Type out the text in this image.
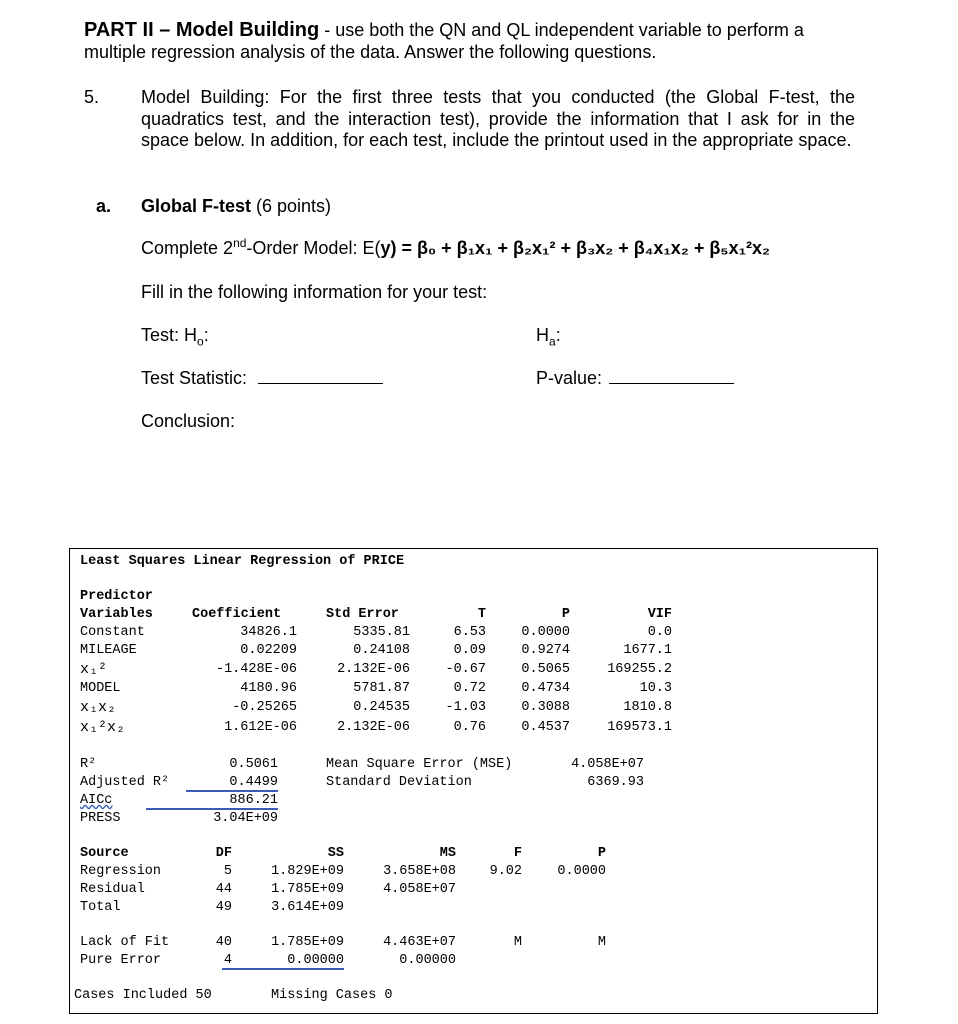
PART II – Model Building - use both the QN and QL independent variable to perform a
multiple regression analysis of the data. Answer the following questions.
5. Model Building: For the first three tests that you conducted (the Global F-test, the quadratics test, and the interaction test), provide the information that I ask for in the space below. In addition, for each test, include the printout used in the appropriate space.
a. Global F-test (6 points)
Complete 2nd-Order Model: E(y) = β₀ + β₁x₁ + β₂x₁² + β₃x₂ + β₄x₁x₂ + β₅x₁²x₂
Fill in the following information for your test:
Test: $H_o$:	$H_a$:
Test Statistic:	P-value:
Conclusion:
Least Squares Linear Regression of PRICE
Predictor
Variables	Coefficient	Std Error	T	P	VIF
Constant	34826.1	5335.81	6.53	0.0000	0.0
MILEAGE	0.02209	0.24108	0.09	0.9274	1677.1
x₁²	-1.428E-06	2.132E-06	-0.67	0.5065	169255.2
MODEL	4180.96	5781.87	0.72	0.4734	10.3
x₁x₂	-0.25265	0.24535	-1.03	0.3088	1810.8
x₁²x₂	1.612E-06	2.132E-06	0.76	0.4537	169573.1
R²	0.5061
Adjusted R²	0.4499
AICc	886.21
PRESS	3.04E+09
Mean Square Error (MSE)	4.058E+07
Standard Deviation	6369.93
Source	DF	SS	MS	F	P
Regression	5	1.829E+09	3.658E+08	9.02	0.0000
Residual	44	1.785E+09	4.058E+07
Total	49	3.614E+09
Lack of Fit	40	1.785E+09	4.463E+07	M	M
Pure Error	4	0.00000	0.00000
Cases Included 50	Missing Cases 0
